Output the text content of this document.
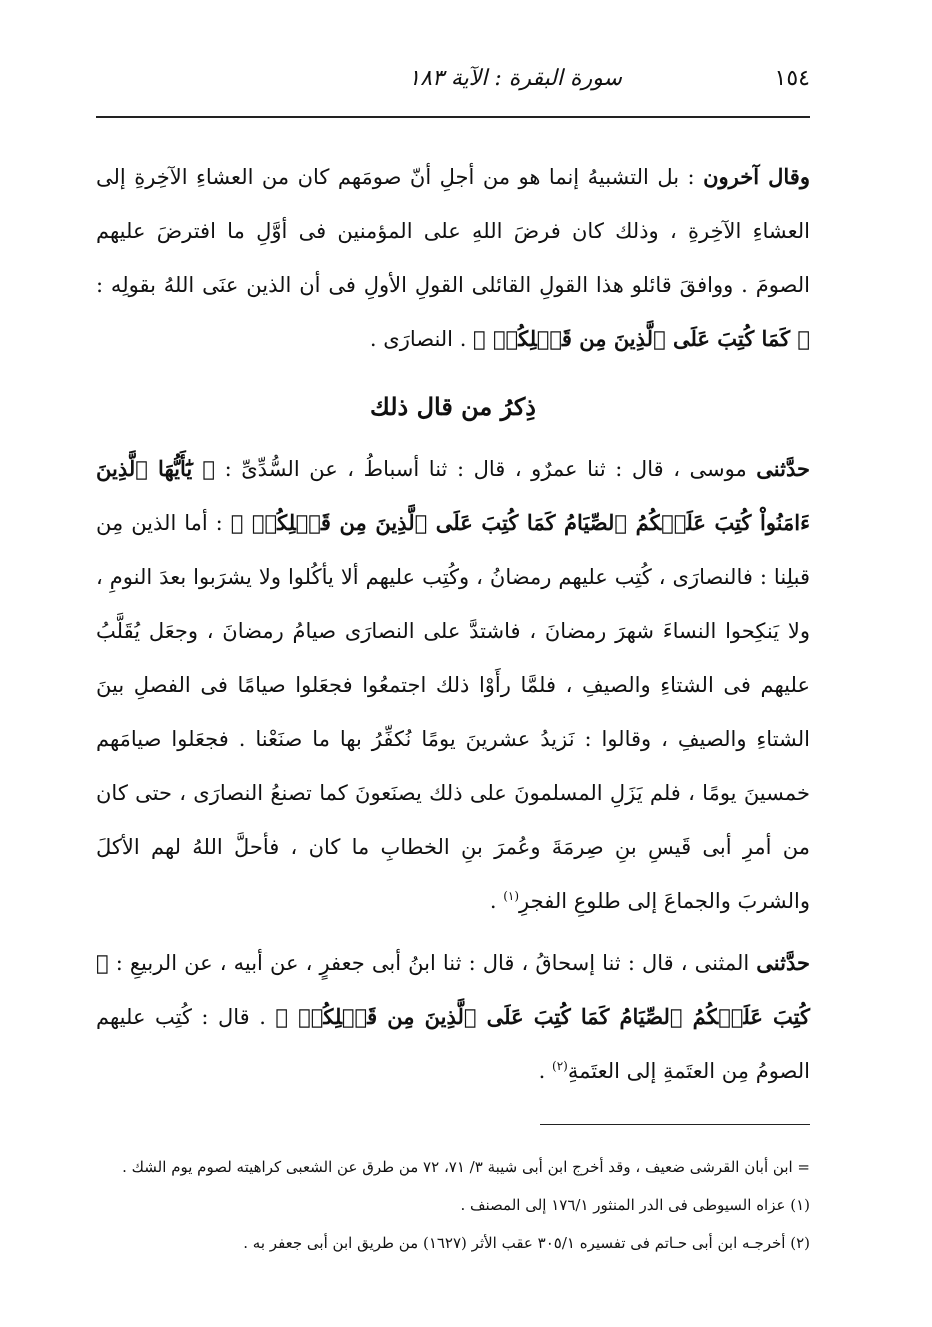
١٥٤
سورة البقرة : الآية ١٨٣

وقال آخرون : بل التشبيهُ إنما هو من أجلِ أنّ صومَهم كان من العشاءِ الآخِرةِ إلى العشاءِ الآخِرةِ ، وذلك كان فرضَ اللهِ على المؤمنين فى أوَّلِ ما افترضَ عليهم الصومَ . ووافقَ قائلو هذا القولِ القائلى القولِ الأولِ فى أن الذين عنَى اللهُ بقولِه : ﴿ كَمَا كُتِبَ عَلَى ٱلَّذِينَ مِن قَبۡلِكُمۡ ﴾ . النصارَى .

ذِكرُ من قال ذلك

حدَّثنى موسى ، قال : ثنا عمرٌو ، قال : ثنا أسباطُ ، عن السُّدِّىِّ : ﴿ يَٰٓأَيُّهَا ٱلَّذِينَ ءَامَنُواْ كُتِبَ عَلَيۡكُمُ ٱلصِّيَامُ كَمَا كُتِبَ عَلَى ٱلَّذِينَ مِن قَبۡلِكُمۡ ﴾ : أما الذين مِن قبلِنا : فالنصارَى ، كُتِب عليهم رمضانُ ، وكُتِب عليهم ألا يأكُلوا ولا يشرَبوا بعدَ النومِ ، ولا يَنكِحوا النساءَ شهرَ رمضانَ ، فاشتدَّ على النصارَى صيامُ رمضانَ ، وجعَل يُقَلَّبُ عليهم فى الشتاءِ والصيفِ ، فلمَّا رأَوْا ذلك اجتمعُوا فجعَلوا صيامًا فى الفصلِ بينَ الشتاءِ والصيفِ ، وقالوا : نَزيدُ عشرينَ يومًا نُكفِّرُ بها ما صنَعْنا . فجعَلوا صيامَهم خمسينَ يومًا ، فلم يَزَلِ المسلمونَ على ذلك يصنَعونَ كما تصنعُ النصارَى ، حتى كان من أمرِ أبى قَيسِ بنِ صِرمَةَ وعُمرَ بنِ الخطابِ ما كان ، فأحلَّ اللهُ لهم الأكلَ والشربَ والجماعَ إلى طلوعِ الفجرِ$^{(١)}$ .

حدَّثنى المثنى ، قال : ثنا إسحاقُ ، قال : ثنا ابنُ أبى جعفرٍ ، عن أبيه ، عن الربيعِ : ﴿ كُتِبَ عَلَيۡكُمُ ٱلصِّيَامُ كَمَا كُتِبَ عَلَى ٱلَّذِينَ مِن قَبۡلِكُمۡ ﴾ . قال : كُتِب عليهم الصومُ مِن العتَمةِ إلى العتَمةِ$^{(٢)}$ .

= ابن أبان القرشى ضعيف ، وقد أخرج ابن أبى شيبة ٣/ ٧١، ٧٢ من طرق عن الشعبى كراهيته لصوم يوم الشك .

(١) عزاه السيوطى فى الدر المنثور ١٧٦/١ إلى المصنف .

(٢) أخرجـه ابن أبى حـاتم فى تفسيره ٣٠٥/١ عقب الأثر (١٦٢٧) من طريق ابن أبى جعفر به .
